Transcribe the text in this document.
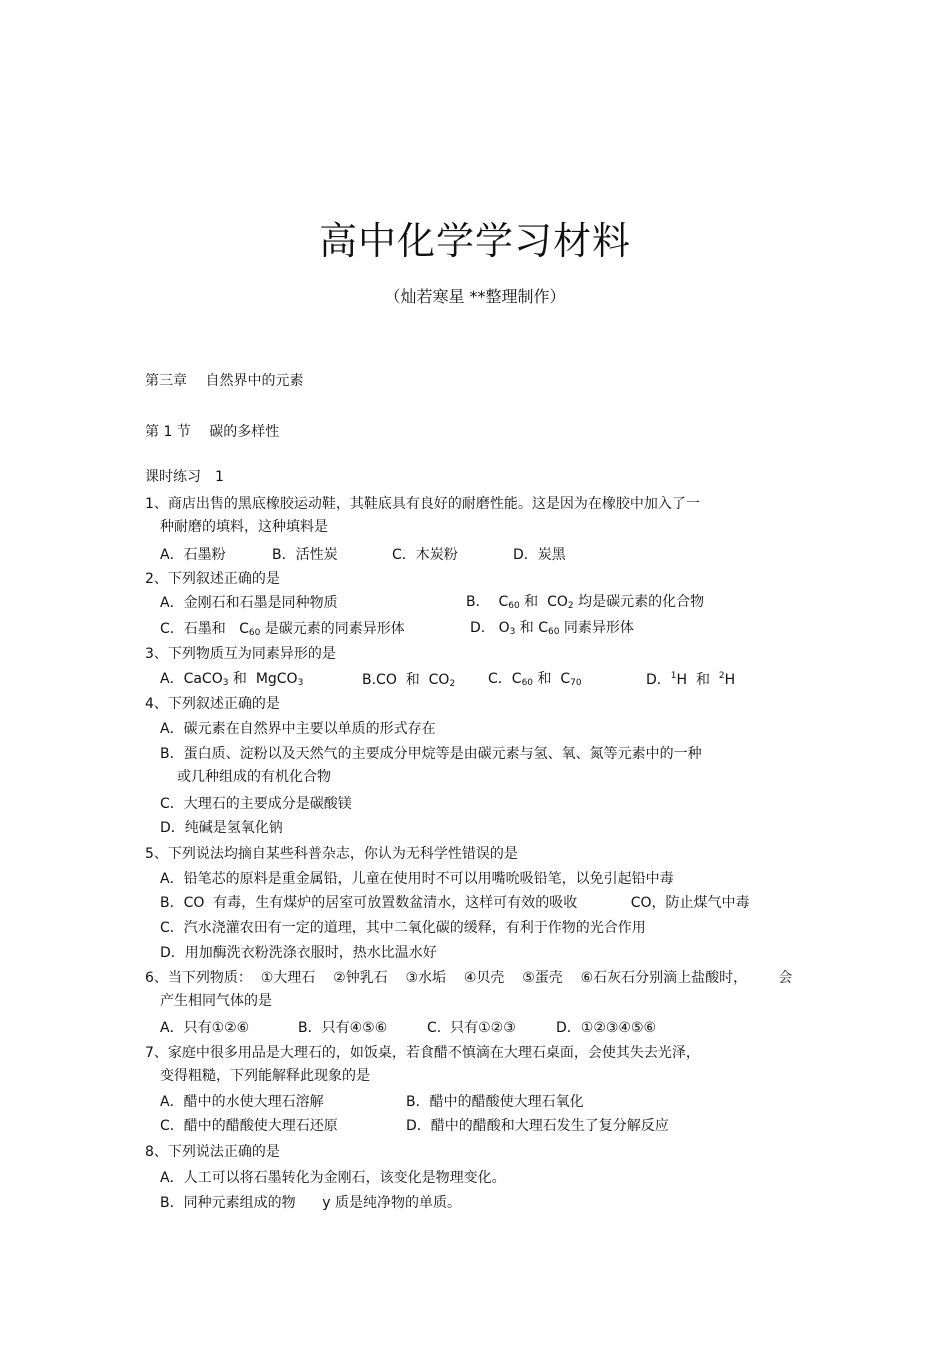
高中化学学习材料
（灿若寒星 **整理制作）
第三章　 自然界中的元素
第 1 节　 碳的多样性
课时练习　1
1、商店出售的黑底橡胶运动鞋，其鞋底具有良好的耐磨性能。这是因为在橡胶中加入了一
种耐磨的填料，这种填料是
A．石墨粉	B．活性炭	C．木炭粉	D．炭黑
2、下列叙述正确的是
A．金刚石和石墨是同种物质	B．  $C_{60}$ 和  $CO_2$ 均是碳元素的化合物
C．石墨和   $C_{60}$ 是碳元素的同素异形体	D.   $O_3$ 和 $C_{60}$ 同素异形体
3、下列物质互为同素异形的是
A．CaCO$_3$ 和  MgCO$_3$	B.CO  和  $CO_2$ C．$C_{60}$ 和  $C_{70}$	D．$^1$H  和  $^2$H
4、下列叙述正确的是
A．碳元素在自然界中主要以单质的形式存在
B．蛋白质、淀粉以及天然气的主要成分甲烷等是由碳元素与氢、氧、氮等元素中的一种
或几种组成的有机化合物
C．大理石的主要成分是碳酸镁
D．纯碱是氢氧化钠
5、下列说法均摘自某些科普杂志，你认为无科学性错误的是
A．铅笔芯的原料是重金属铅，儿童在使用时不可以用嘴吮吸铅笔，以免引起铅中毒
B．CO  有毒，生有煤炉的居室可放置数盆清水，这样可有效的吸收            CO，防止煤气中毒
C．汽水浇灌农田有一定的道理，其中二氧化碳的缓释，有利于作物的光合作用
D．用加酶洗衣粉洗涤衣服时，热水比温水好
6、当下列物质：  ①大理石    ②钟乳石    ③水垢    ④贝壳    ⑤蛋壳    ⑥石灰石分别滴上盐酸时，       会
产生相同气体的是
A．只有①②⑥	B．只有④⑤⑥	C.  只有①②③	D．①②③④⑤⑥
7、家庭中很多用品是大理石的，如饭桌，若食醋不慎滴在大理石桌面，会使其失去光泽，
变得粗糙，下列能解释此现象的是
A．醋中的水使大理石溶解	B．醋中的醋酸使大理石氧化
C．醋中的醋酸使大理石还原	D．醋中的醋酸和大理石发生了复分解反应
8、下列说法正确的是
A．人工可以将石墨转化为金刚石，该变化是物理变化。
B．同种元素组成的物      y 质是纯净物的单质。
